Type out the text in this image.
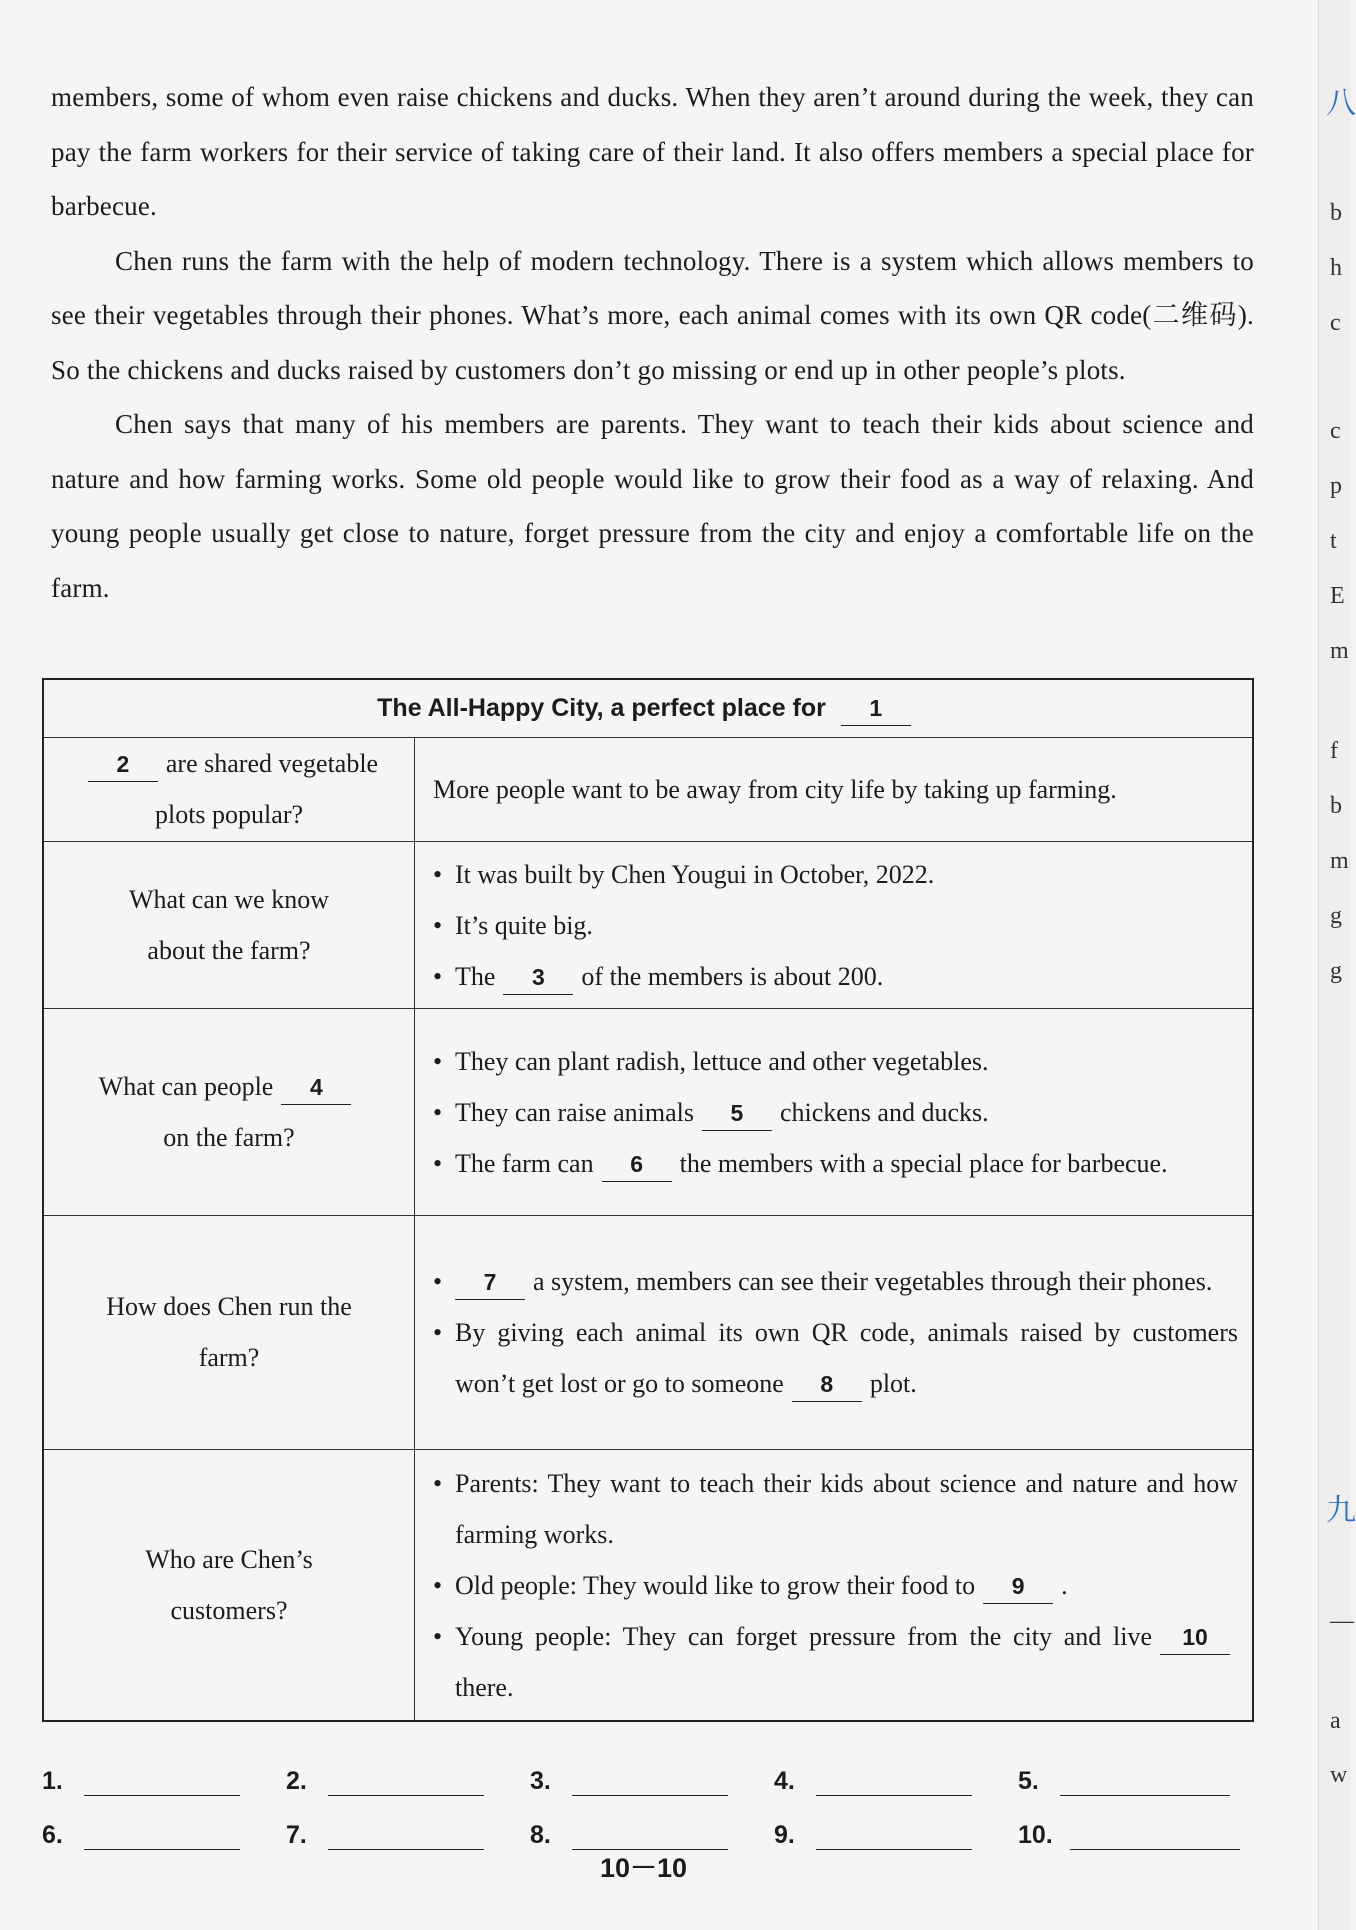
members, some of whom even raise chickens and ducks. When they aren’t around during the week, they can pay the farm workers for their service of taking care of their land. It also offers members a special place for barbecue.

Chen runs the farm with the help of modern technology. There is a system which allows members to see their vegetables through their phones. What’s more, each animal comes with its own QR code(二维码). So the chickens and ducks raised by customers don’t go missing or end up in other people’s plots.

Chen says that many of his members are parents. They want to teach their kids about science and nature and how farming works. Some old people would like to grow their food as a way of relaxing. And young people usually get close to nature, forget pressure from the city and enjoy a comfortable life on the farm.

The All-Happy City, a perfect place for 1	
2 are shared vegetable plots popular?	More people want to be away from city life by taking up farming.
What can we know about the farm?	• It was built by Chen Yougui in October, 2022.
• It’s quite big.
• The 3 of the members is about 200.

What can people 4
on the farm?	• They can plant radish, lettuce and other vegetables.
• They can raise animals 5 chickens and ducks.
• The farm can 6 the members with a special place for barbecue.

How does Chen run the farm?	• 7 a system, members can see their vegetables through their phones.
• By giving each animal its own QR code, animals raised by customers won’t get lost or go to someone 8 plot.

Who are Chen’s customers?	• Parents: They want to teach their kids about science and nature and how farming works.
• Old people: They would like to grow their food to 9 .
• Young people: They can forget pressure from the city and live 10there.
1.	2.	3.	4.	5.
6.	7.	8.	9.	10.
10－10
八
b
h
c
c
p
t
E
m
f
b
m
g
g
九
—
a
w
